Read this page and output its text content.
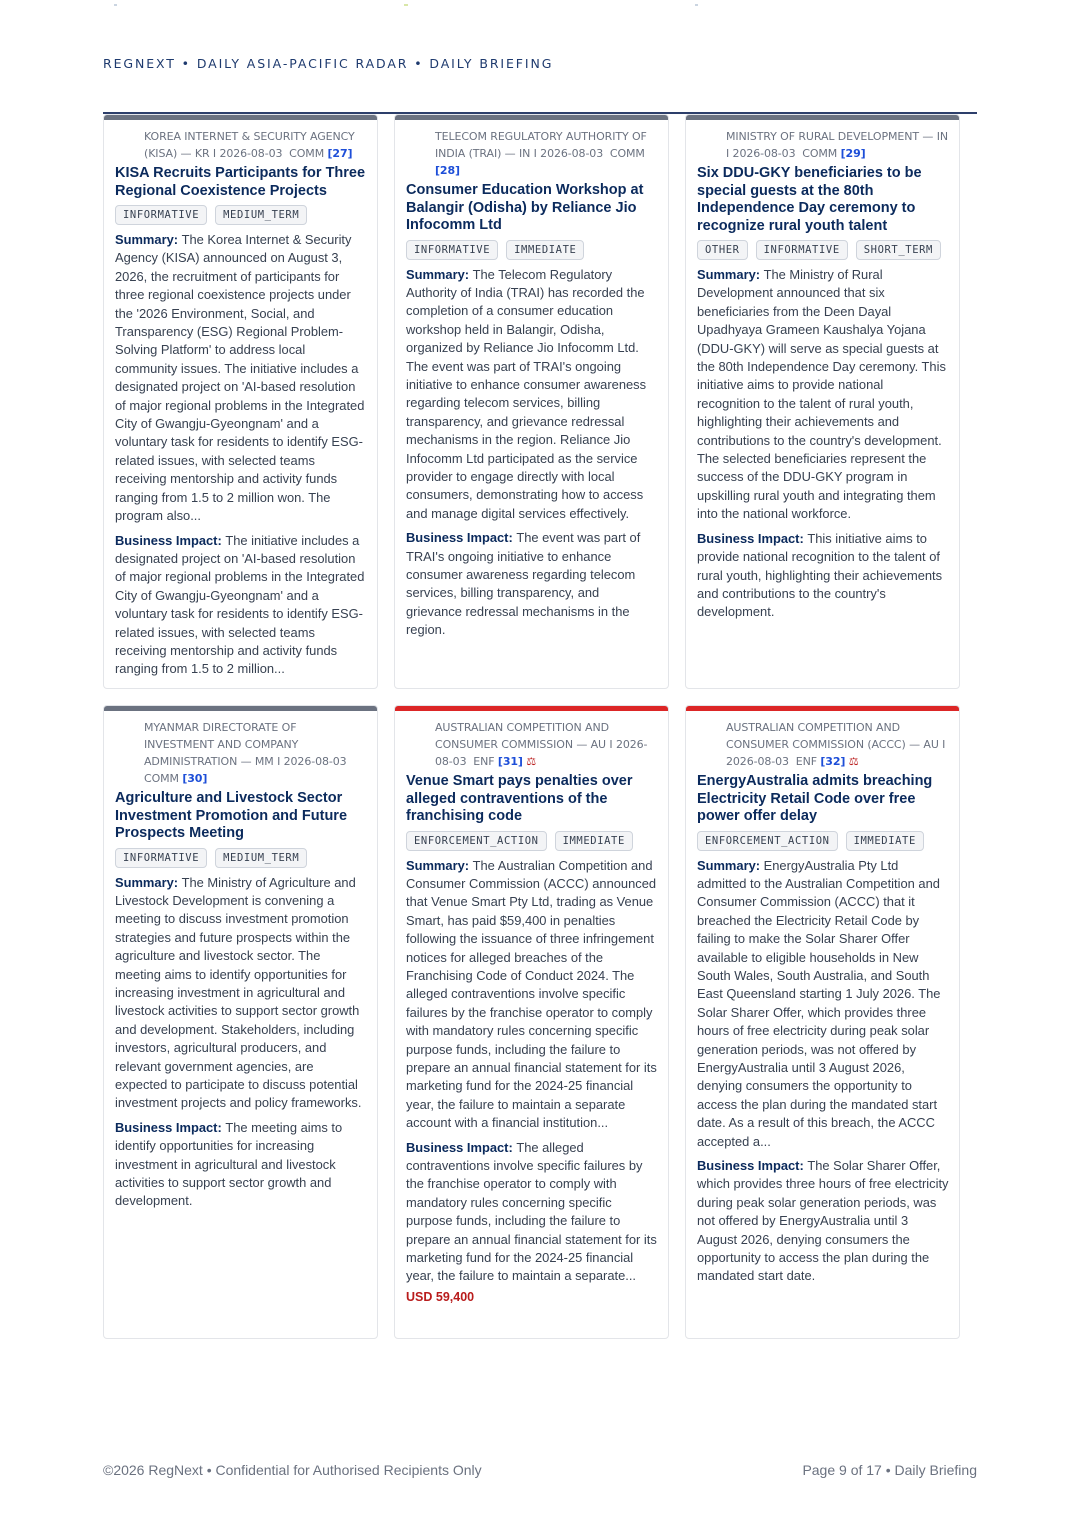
REGNEXT • DAILY ASIA-PACIFIC RADAR • DAILY BRIEFING
KOREA INTERNET & SECURITY AGENCY (KISA) — KR I 2026-08-03 COMM [27]
KISA Recruits Participants for Three Regional Coexistence Projects
INFORMATIVE	MEDIUM_TERM
Summary: The Korea Internet & Security Agency (KISA) announced on August 3, 2026, the recruitment of participants for three regional coexistence projects under the '2026 Environment, Social, and Transparency (ESG) Regional Problem-Solving Platform' to address local community issues. The initiative includes a designated project on 'AI-based resolution of major regional problems in the Integrated City of Gwangju-Gyeongnam' and a voluntary task for residents to identify ESG-related issues, with selected teams receiving mentorship and activity funds ranging from 1.5 to 2 million won. The program also...
Business Impact: The initiative includes a designated project on 'AI-based resolution of major regional problems in the Integrated City of Gwangju-Gyeongnam' and a voluntary task for residents to identify ESG-related issues, with selected teams receiving mentorship and activity funds ranging from 1.5 to 2 million...
TELECOM REGULATORY AUTHORITY OF INDIA (TRAI) — IN I 2026-08-03 COMM [28]
Consumer Education Workshop at Balangir (Odisha) by Reliance Jio Infocomm Ltd
INFORMATIVE	IMMEDIATE
Summary: The Telecom Regulatory Authority of India (TRAI) has recorded the completion of a consumer education workshop held in Balangir, Odisha, organized by Reliance Jio Infocomm Ltd. The event was part of TRAI's ongoing initiative to enhance consumer awareness regarding telecom services, billing transparency, and grievance redressal mechanisms in the region. Reliance Jio Infocomm Ltd participated as the service provider to engage directly with local consumers, demonstrating how to access and manage digital services effectively.
Business Impact: The event was part of TRAI's ongoing initiative to enhance consumer awareness regarding telecom services, billing transparency, and grievance redressal mechanisms in the region.
MINISTRY OF RURAL DEVELOPMENT — IN I 2026-08-03 COMM [29]
Six DDU-GKY beneficiaries to be special guests at the 80th Independence Day ceremony to recognize rural youth talent
OTHER	INFORMATIVE	SHORT_TERM
Summary: The Ministry of Rural Development announced that six beneficiaries from the Deen Dayal Upadhyaya Grameen Kaushalya Yojana (DDU-GKY) will serve as special guests at the 80th Independence Day ceremony. This initiative aims to provide national recognition to the talent of rural youth, highlighting their achievements and contributions to the country's development. The selected beneficiaries represent the success of the DDU-GKY program in upskilling rural youth and integrating them into the national workforce.
Business Impact: This initiative aims to provide national recognition to the talent of rural youth, highlighting their achievements and contributions to the country's development.
MYANMAR DIRECTORATE OF INVESTMENT AND COMPANY ADMINISTRATION — MM I 2026-08-03  COMM [30]
Agriculture and Livestock Sector Investment Promotion and Future Prospects Meeting
INFORMATIVE	MEDIUM_TERM
Summary: The Ministry of Agriculture and Livestock Development is convening a meeting to discuss investment promotion strategies and future prospects within the agriculture and livestock sector. The meeting aims to identify opportunities for increasing investment in agricultural and livestock activities to support sector growth and development. Stakeholders, including investors, agricultural producers, and relevant government agencies, are expected to participate to discuss potential investment projects and policy frameworks.
Business Impact: The meeting aims to identify opportunities for increasing investment in agricultural and livestock activities to support sector growth and development.
AUSTRALIAN COMPETITION AND CONSUMER COMMISSION — AU I 2026-08-03 ENF [31] ⚖
Venue Smart pays penalties over alleged contraventions of the franchising code
ENFORCEMENT_ACTION	IMMEDIATE
Summary: The Australian Competition and Consumer Commission (ACCC) announced that Venue Smart Pty Ltd, trading as Venue Smart, has paid $59,400 in penalties following the issuance of three infringement notices for alleged breaches of the Franchising Code of Conduct 2024. The alleged contraventions involve specific failures by the franchise operator to comply with mandatory rules concerning specific purpose funds, including the failure to prepare an annual financial statement for its marketing fund for the 2024-25 financial year, the failure to maintain a separate account with a financial institution...
Business Impact: The alleged contraventions involve specific failures by the franchise operator to comply with mandatory rules concerning specific purpose funds, including the failure to prepare an annual financial statement for its marketing fund for the 2024-25 financial year, the failure to maintain a separate...
USD 59,400
AUSTRALIAN COMPETITION AND CONSUMER COMMISSION (ACCC) — AU I 2026-08-03 ENF [32] ⚖
EnergyAustralia admits breaching Electricity Retail Code over free power offer delay
ENFORCEMENT_ACTION	IMMEDIATE
Summary: EnergyAustralia Pty Ltd admitted to the Australian Competition and Consumer Commission (ACCC) that it breached the Electricity Retail Code by failing to make the Solar Sharer Offer available to eligible households in New South Wales, South Australia, and South East Queensland starting 1 July 2026. The Solar Sharer Offer, which provides three hours of free electricity during peak solar generation periods, was not offered by EnergyAustralia until 3 August 2026, denying consumers the opportunity to access the plan during the mandated start date. As a result of this breach, the ACCC accepted a...
Business Impact: The Solar Sharer Offer, which provides three hours of free electricity during peak solar generation periods, was not offered by EnergyAustralia until 3 August 2026, denying consumers the opportunity to access the plan during the mandated start date.
©2026 RegNext • Confidential for Authorised Recipients Only	Page 9 of 17 • Daily Briefing
